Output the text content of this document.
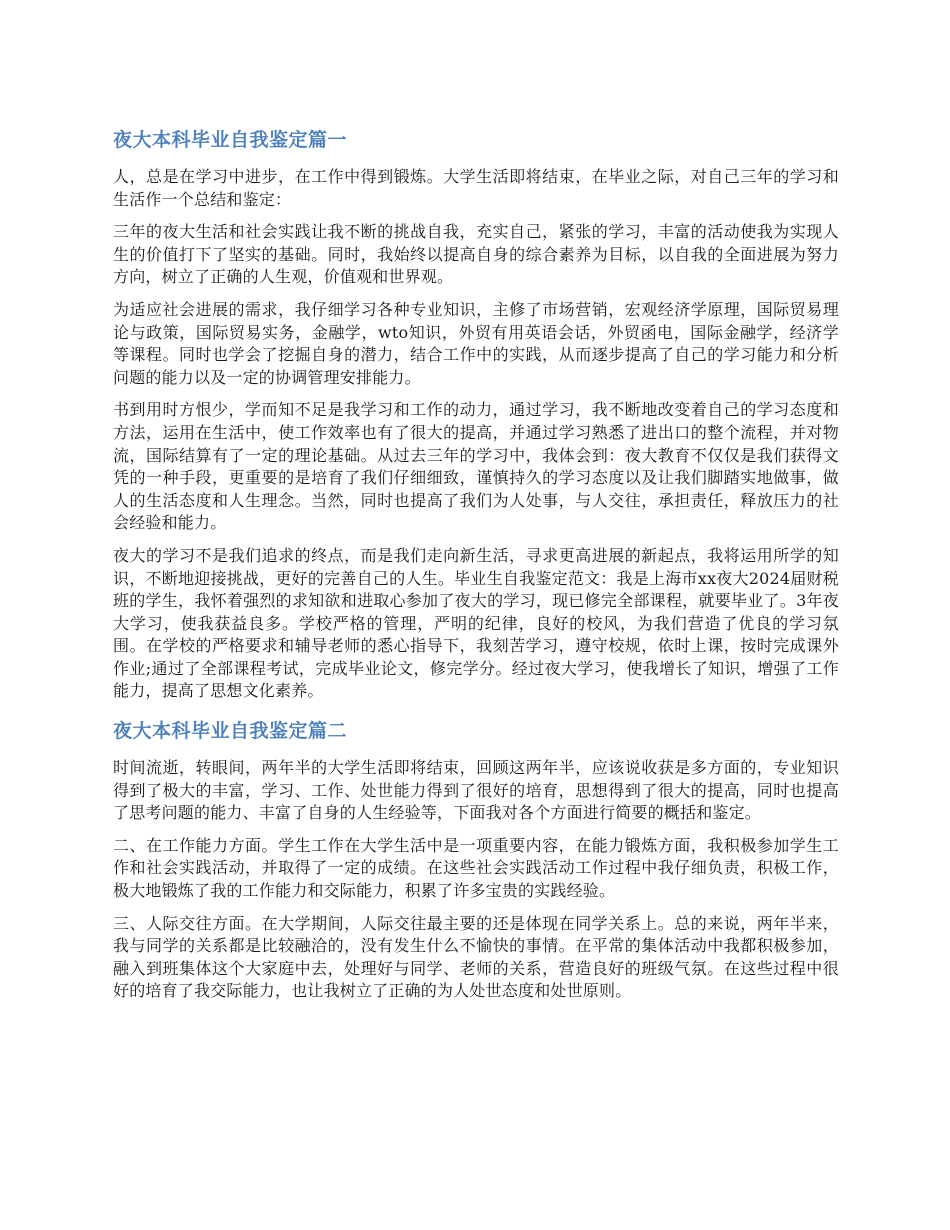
夜大本科毕业自我鉴定篇一

人，总是在学习中进步，在工作中得到锻炼。大学生活即将结束，在毕业之际，对自己三年的学习和生活作一个总结和鉴定：

三年的夜大生活和社会实践让我不断的挑战自我，充实自己，紧张的学习，丰富的活动使我为实现人生的价值打下了坚实的基础。同时，我始终以提高自身的综合素养为目标，以自我的全面进展为努力方向，树立了正确的人生观，价值观和世界观。

为适应社会进展的需求，我仔细学习各种专业知识，主修了市场营销，宏观经济学原理，国际贸易理论与政策，国际贸易实务，金融学，wto知识，外贸有用英语会话，外贸函电，国际金融学，经济学等课程。同时也学会了挖掘自身的潜力，结合工作中的实践，从而逐步提高了自己的学习能力和分析问题的能力以及一定的协调管理安排能力。

书到用时方恨少，学而知不足是我学习和工作的动力，通过学习，我不断地改变着自己的学习态度和方法，运用在生活中，使工作效率也有了很大的提高，并通过学习熟悉了进出口的整个流程，并对物流，国际结算有了一定的理论基础。从过去三年的学习中，我体会到：夜大教育不仅仅是我们获得文凭的一种手段，更重要的是培育了我们仔细细致，谨慎持久的学习态度以及让我们脚踏实地做事，做人的生活态度和人生理念。当然，同时也提高了我们为人处事，与人交往，承担责任，释放压力的社会经验和能力。

夜大的学习不是我们追求的终点，而是我们走向新生活，寻求更高进展的新起点，我将运用所学的知识，不断地迎接挑战，更好的完善自己的人生。毕业生自我鉴定范文：我是上海市xx夜大2024届财税班的学生，我怀着强烈的求知欲和进取心参加了夜大的学习，现已修完全部课程，就要毕业了。3年夜大学习，使我获益良多。学校严格的管理，严明的纪律，良好的校风，为我们营造了优良的学习氛围。在学校的严格要求和辅导老师的悉心指导下，我刻苦学习，遵守校规，依时上课，按时完成课外作业;通过了全部课程考试，完成毕业论文，修完学分。经过夜大学习，使我增长了知识，增强了工作能力，提高了思想文化素养。

夜大本科毕业自我鉴定篇二

时间流逝，转眼间，两年半的大学生活即将结束，回顾这两年半，应该说收获是多方面的，专业知识得到了极大的丰富，学习、工作、处世能力得到了很好的培育，思想得到了很大的提高，同时也提高了思考问题的能力、丰富了自身的人生经验等，下面我对各个方面进行简要的概括和鉴定。

二、在工作能力方面。学生工作在大学生活中是一项重要内容，在能力锻炼方面，我积极参加学生工作和社会实践活动，并取得了一定的成绩。在这些社会实践活动工作过程中我仔细负责，积极工作，极大地锻炼了我的工作能力和交际能力，积累了许多宝贵的实践经验。

三、人际交往方面。在大学期间，人际交往最主要的还是体现在同学关系上。总的来说，两年半来，我与同学的关系都是比较融洽的，没有发生什么不愉快的事情。在平常的集体活动中我都积极参加，融入到班集体这个大家庭中去，处理好与同学、老师的关系，营造良好的班级气氛。在这些过程中很好的培育了我交际能力，也让我树立了正确的为人处世态度和处世原则。
